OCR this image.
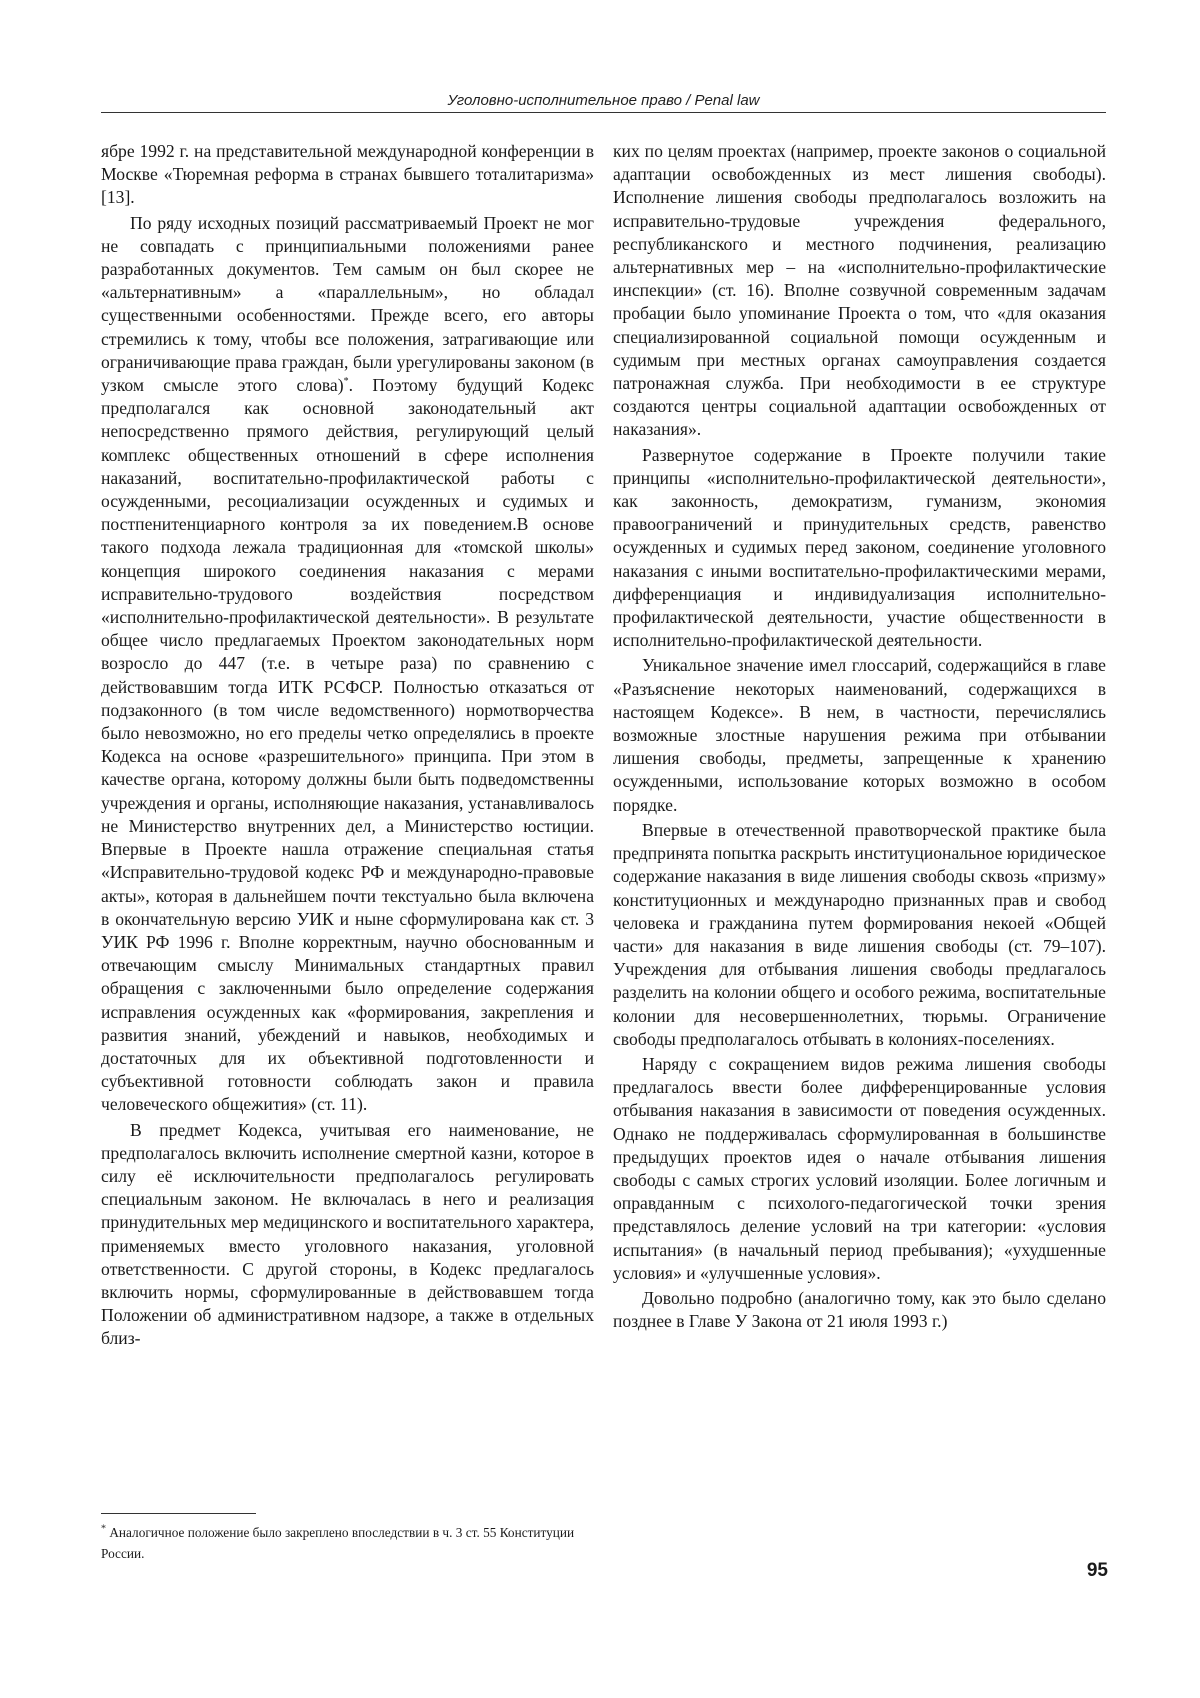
Уголовно-исполнительное право / Penal law

ябре 1992 г. на представительной международной конференции в Москве «Тюремная реформа в странах бывшего тоталитаризма» [13].

По ряду исходных позиций рассматриваемый Проект не мог не совпадать с принципиальными положениями ранее разработанных документов. Тем самым он был скорее не «альтернативным» а «параллельным», но обладал существенными особенностями. Прежде всего, его авторы стремились к тому, чтобы все положения, затрагивающие или ограничивающие права граждан, были урегулированы законом (в узком смысле этого слова)*. Поэтому будущий Кодекс предполагался как основной законодательный акт непосредственно прямого действия, регулирующий целый комплекс общественных отношений в сфере исполнения наказаний, воспитательно-профилактической работы с осужденными, ресоциализации осужденных и судимых и постпенитенциарного контроля за их поведением.В основе такого подхода лежала традиционная для «томской школы» концепция широкого соединения наказания с мерами исправительно-трудового воздействия посредством «исполнительно-профилактической деятельности». В результате общее число предлагаемых Проектом законодательных норм возросло до 447 (т.е. в четыре раза) по сравнению с действовавшим тогда ИТК РСФСР. Полностью отказаться от подзаконного (в том числе ведомственного) нормотворчества было невозможно, но его пределы четко определялись в проекте Кодекса на основе «разрешительного» принципа. При этом в качестве органа, которому должны были быть подведомственны учреждения и органы, исполняющие наказания, устанавливалось не Министерство внутренних дел, а Министерство юстиции. Впервые в Проекте нашла отражение специальная статья «Исправительно-трудовой кодекс РФ и международно-правовые акты», которая в дальнейшем почти текстуально была включена в окончательную версию УИК и ныне сформулирована как ст. 3 УИК РФ 1996 г. Вполне корректным, научно обоснованным и отвечающим смыслу Минимальных стандартных правил обращения с заключенными было определение содержания исправления осужденных как «формирования, закрепления и развития знаний, убеждений и навыков, необходимых и достаточных для их объективной подготовленности и субъективной готовности соблюдать закон и правила человеческого общежития» (ст. 11).

В предмет Кодекса, учитывая его наименование, не предполагалось включить исполнение смертной казни, которое в силу её исключительности предполагалось регулировать специальным законом. Не включалась в него и реализация принудительных мер медицинского и воспитательного характера, применяемых вместо уголовного наказания, уголовной ответственности. С другой стороны, в Кодекс предлагалось включить нормы, сформулированные в действовавшем тогда Положении об административном надзоре, а также в отдельных близ-

ких по целям проектах (например, проекте законов о социальной адаптации освобожденных из мест лишения свободы). Исполнение лишения свободы предполагалось возложить на исправительно-трудовые учреждения федерального, республиканского и местного подчинения, реализацию альтернативных мер – на «исполнительно-профилактические инспекции» (ст. 16). Вполне созвучной современным задачам пробации было упоминание Проекта о том, что «для оказания специализированной социальной помощи осужденным и судимым при местных органах самоуправления создается патронажная служба. При необходимости в ее структуре создаются центры социальной адаптации освобожденных от наказания».

Развернутое содержание в Проекте получили такие принципы «исполнительно-профилактической деятельности», как законность, демократизм, гуманизм, экономия правоограничений и принудительных средств, равенство осужденных и судимых перед законом, соединение уголовного наказания с иными воспитательно-профилактическими мерами, дифференциация и индивидуализация исполнительно-профилактической деятельности, участие общественности в исполнительно-профилактической деятельности.

Уникальное значение имел глоссарий, содержащийся в главе «Разъяснение некоторых наименований, содержащихся в настоящем Кодексе». В нем, в частности, перечислялись возможные злостные нарушения режима при отбывании лишения свободы, предметы, запрещенные к хранению осужденными, использование которых возможно в особом порядке.

Впервые в отечественной правотворческой практике была предпринята попытка раскрыть институциональное юридическое содержание наказания в виде лишения свободы сквозь «призму» конституционных и международно признанных прав и свобод человека и гражданина путем формирования некоей «Общей части» для наказания в виде лишения свободы (ст. 79–107). Учреждения для отбывания лишения свободы предлагалось разделить на колонии общего и особого режима, воспитательные колонии для несовершеннолетних, тюрьмы. Ограничение свободы предполагалось отбывать в колониях-поселениях.

Наряду с сокращением видов режима лишения свободы предлагалось ввести более дифференцированные условия отбывания наказания в зависимости от поведения осужденных. Однако не поддерживалась сформулированная в большинстве предыдущих проектов идея о начале отбывания лишения свободы с самых строгих условий изоляции. Более логичным и оправданным с психолого-педагогической точки зрения представлялось деление условий на три категории: «условия испытания» (в начальный период пребывания); «ухудшенные условия» и «улучшенные условия».

Довольно подробно (аналогично тому, как это было сделано позднее в Главе У Закона от 21 июля 1993 г.)

* Аналогичное положение было закреплено впоследствии в ч. 3 ст. 55 Конституции России.
95
